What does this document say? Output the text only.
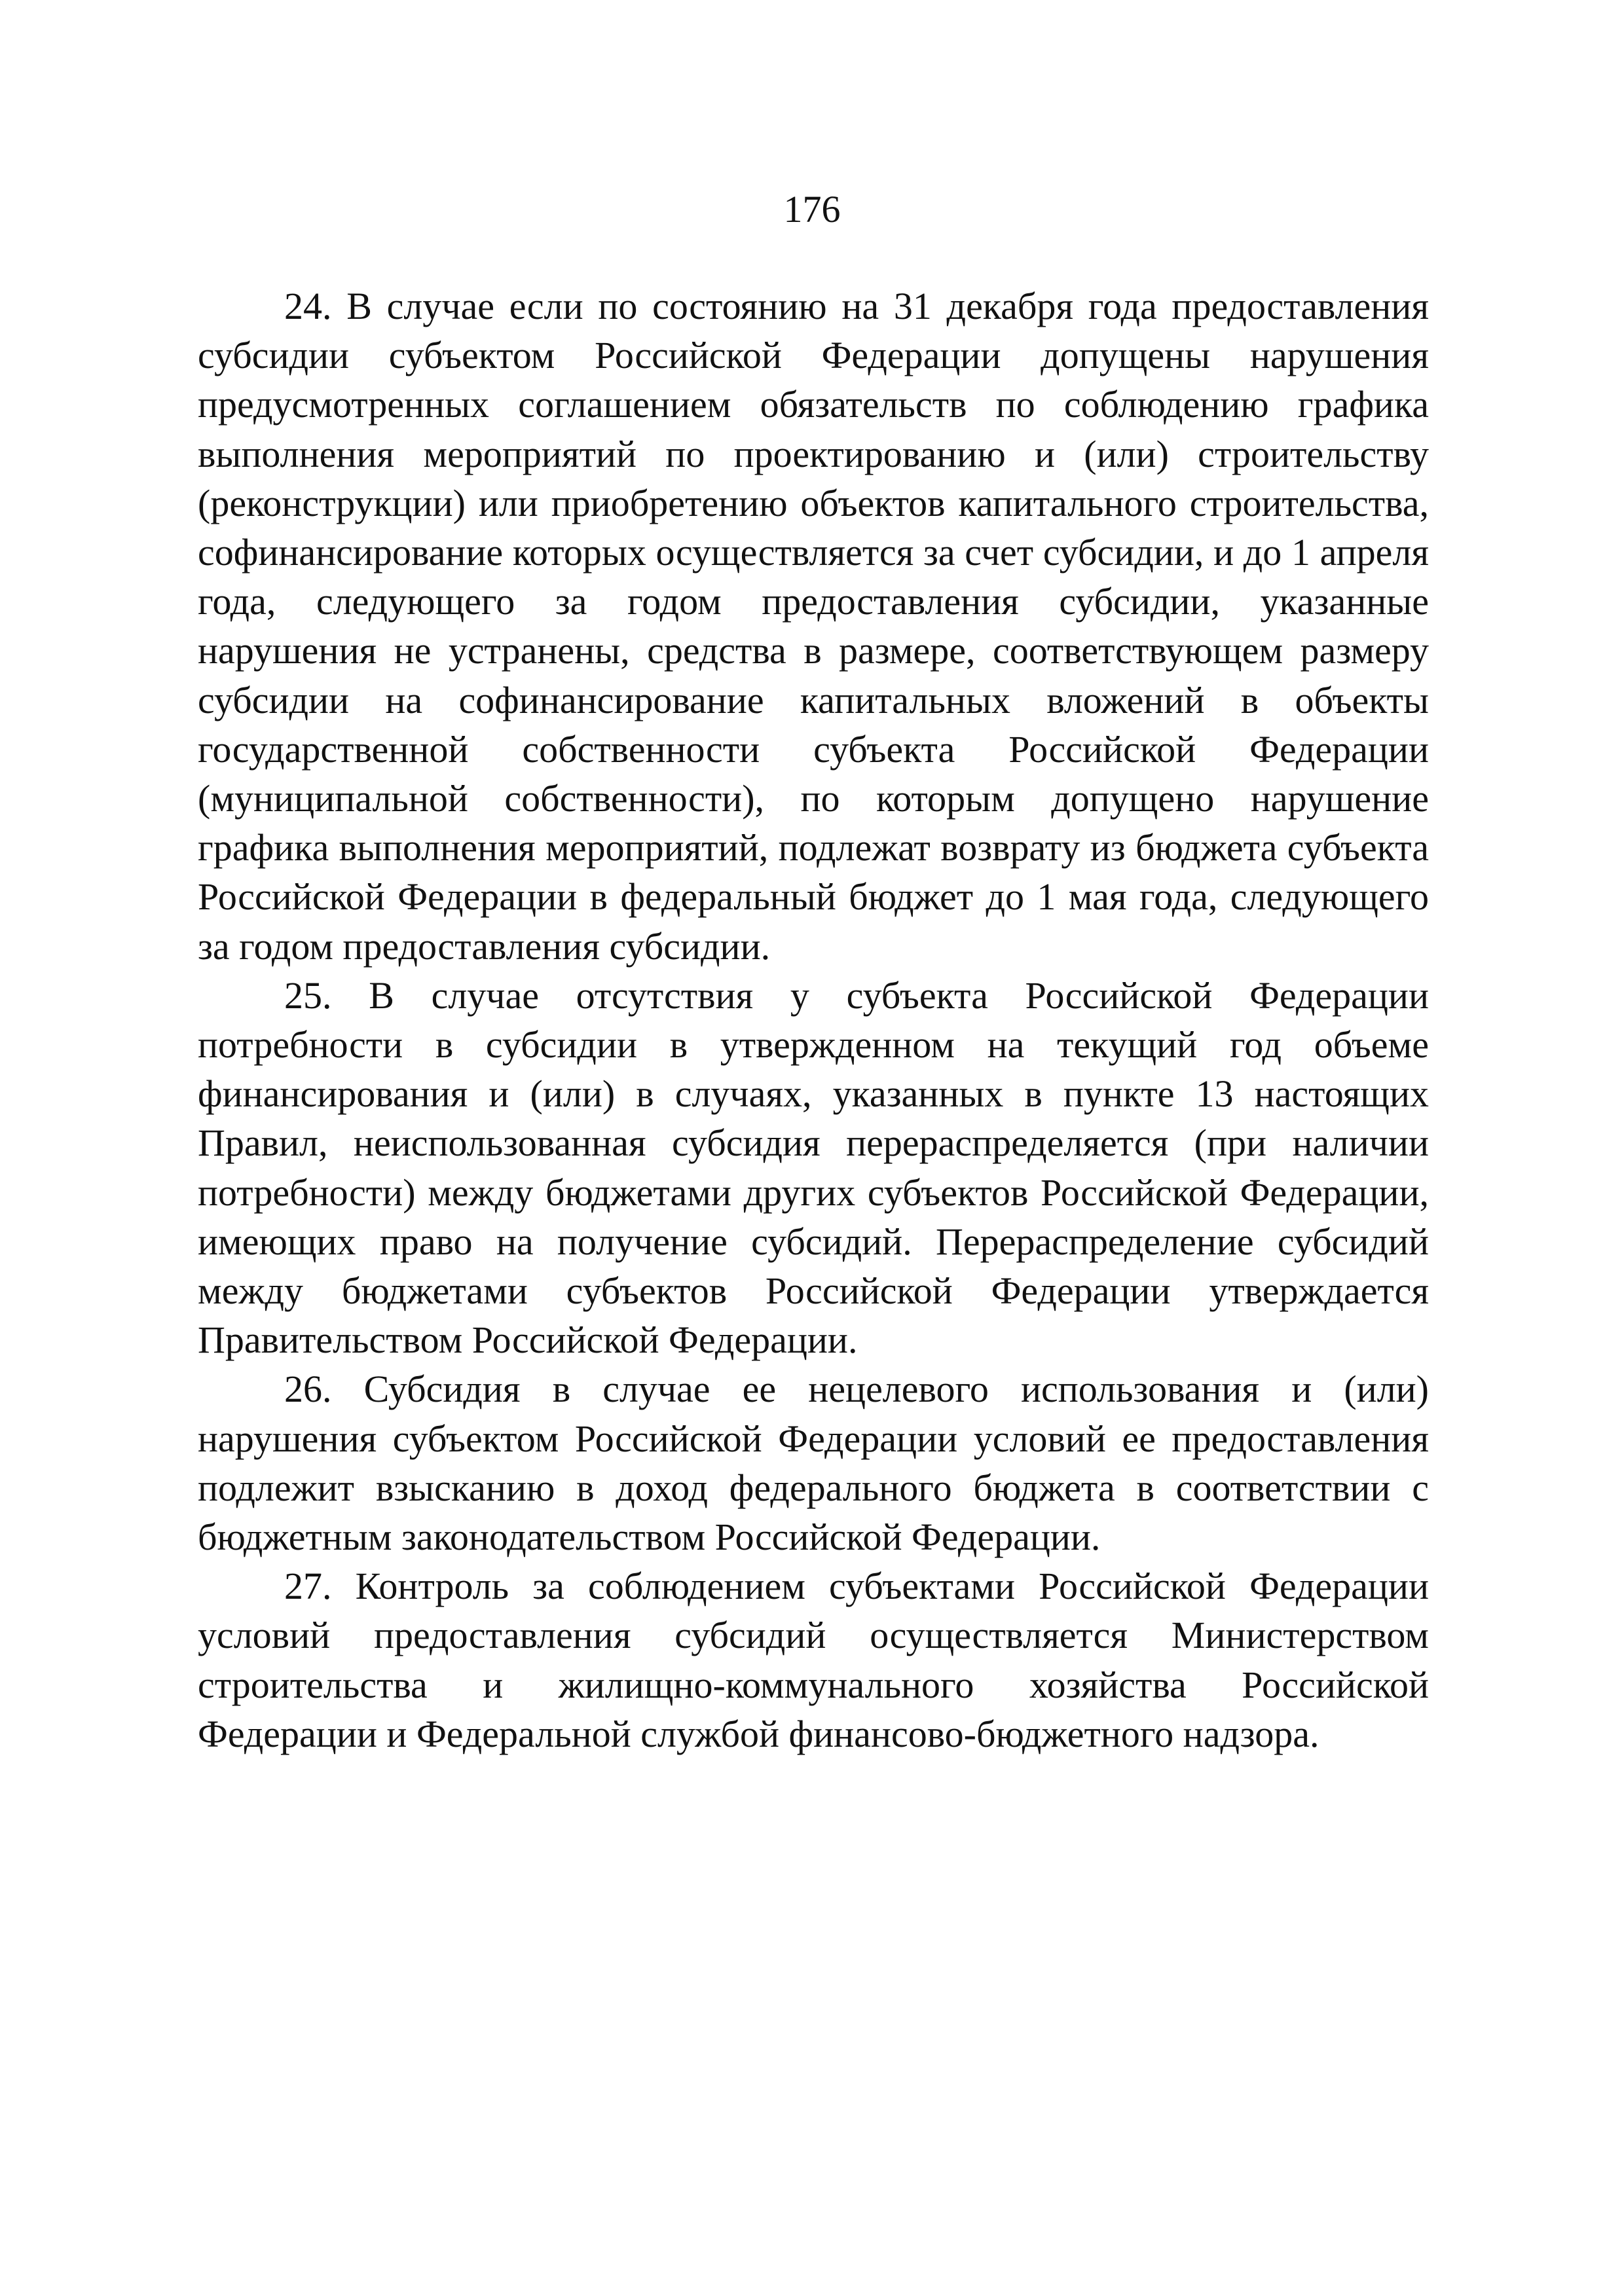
176

24. В случае если по состоянию на 31 декабря года предоставления субсидии субъектом Российской Федерации допущены нарушения предусмотренных соглашением обязательств по соблюдению графика выполнения мероприятий по проектированию и (или) строительству (реконструкции) или приобретению объектов капитального строительства, софинансирование которых осуществляется за счет субсидии, и до 1 апреля года, следующего за годом предоставления субсидии, указанные нарушения не устранены, средства в размере, соответствующем размеру субсидии на софинансирование капитальных вложений в объекты государственной собственности субъекта Российской Федерации (муниципальной собственности), по которым допущено нарушение графика выполнения мероприятий, подлежат возврату из бюджета субъекта Российской Федерации в федеральный бюджет до 1 мая года, следующего за годом предоставления субсидии.

25. В случае отсутствия у субъекта Российской Федерации потребности в субсидии в утвержденном на текущий год объеме финансирования и (или) в случаях, указанных в пункте 13 настоящих Правил, неиспользованная субсидия перераспределяется (при наличии потребности) между бюджетами других субъектов Российской Федерации, имеющих право на получение субсидий. Перераспределение субсидий между бюджетами субъектов Российской Федерации утверждается Правительством Российской Федерации.

26. Субсидия в случае ее нецелевого использования и (или) нарушения субъектом Российской Федерации условий ее предоставления подлежит взысканию в доход федерального бюджета в соответствии с бюджетным законодательством Российской Федерации.

27. Контроль за соблюдением субъектами Российской Федерации условий предоставления субсидий осуществляется Министерством строительства и жилищно-коммунального хозяйства Российской Федерации и Федеральной службой финансово-бюджетного надзора.
